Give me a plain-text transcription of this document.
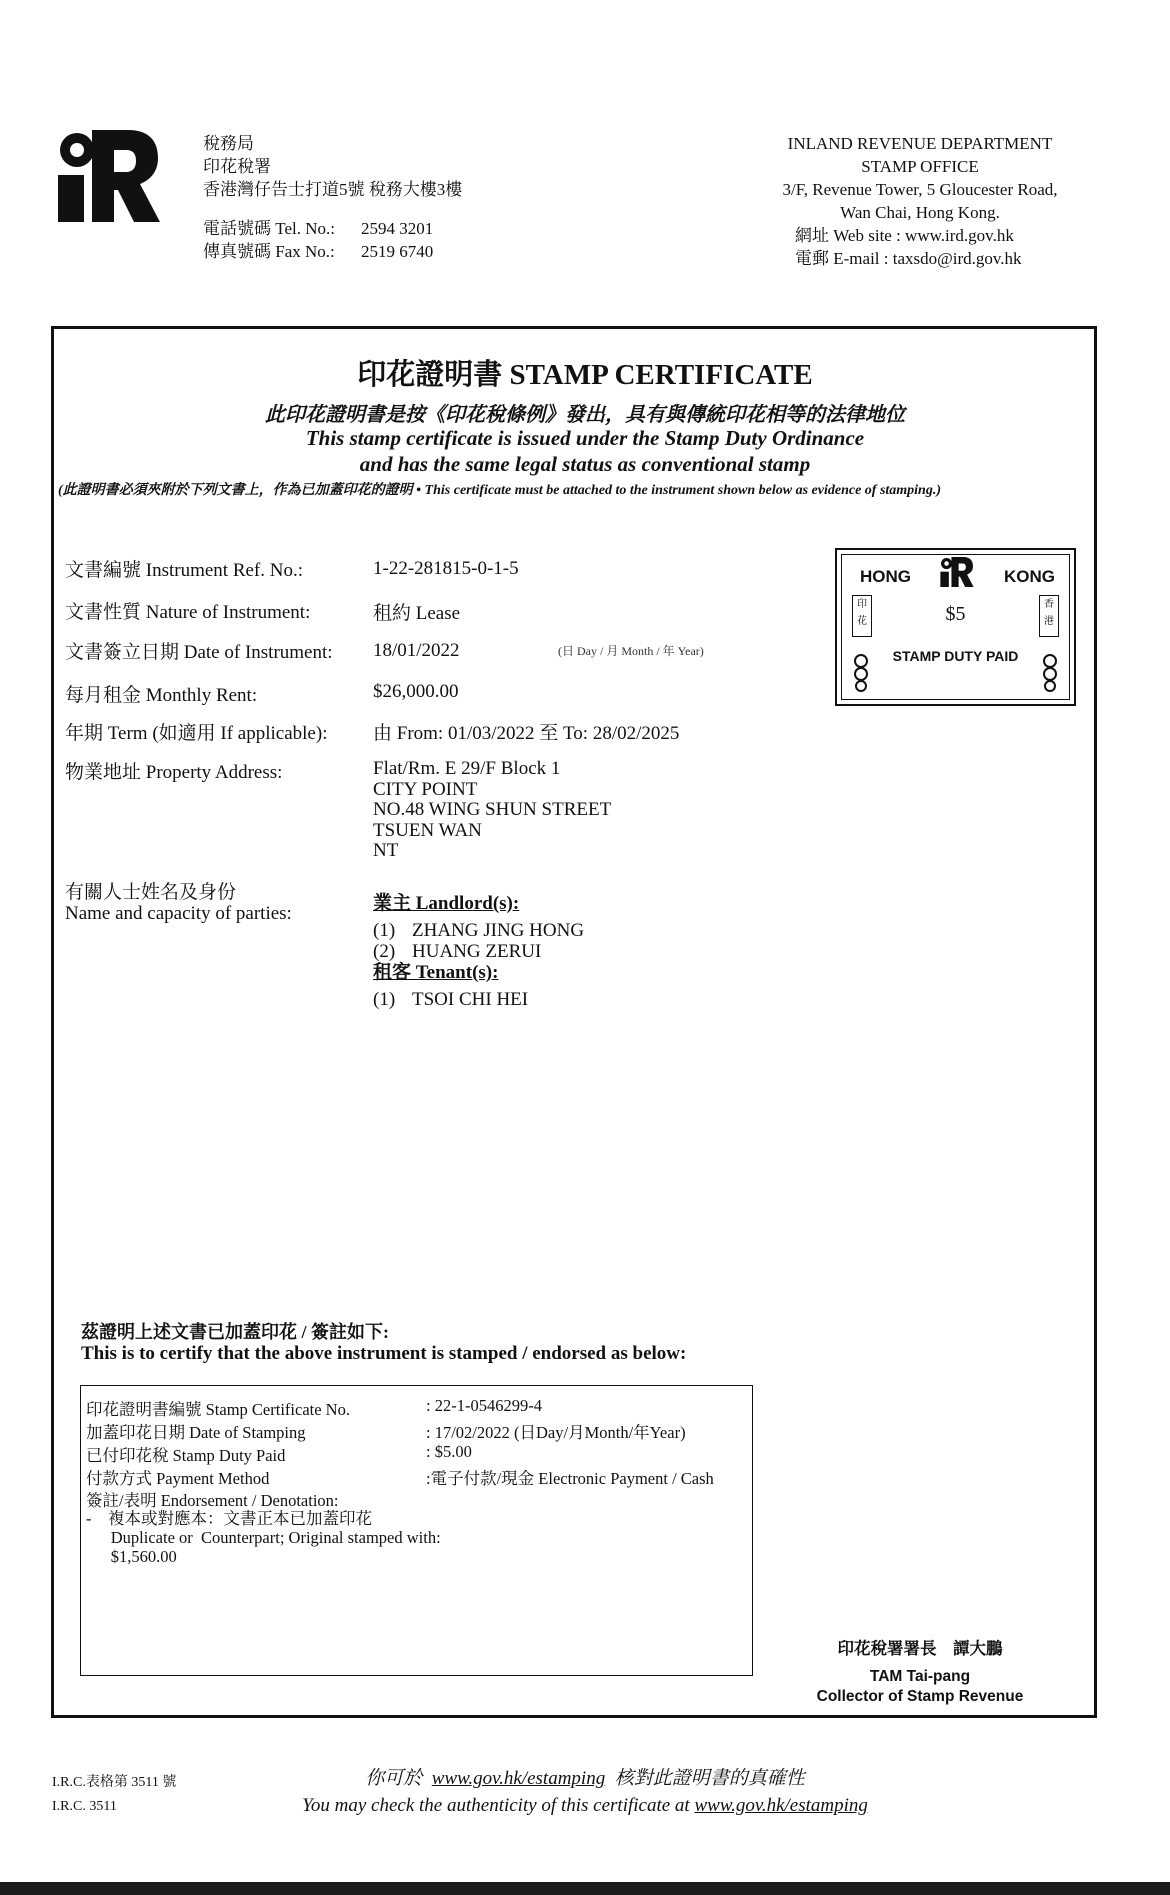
稅務局
印花稅署
香港灣仔告士打道5號 稅務大樓3樓
電話號碼 Tel. No.: 2594 3201
傳真號碼 Fax No.: 2519 6740
INLAND REVENUE DEPARTMENT
STAMP OFFICE
3/F, Revenue Tower, 5 Gloucester Road,
Wan Chai, Hong Kong.
網址 Web site : www.ird.gov.hk
電郵 E-mail : taxsdo@ird.gov.hk
印花證明書 STAMP CERTIFICATE
此印花證明書是按《印花稅條例》發出，具有與傳統印花相等的法律地位
This stamp certificate is issued under the Stamp Duty Ordinance
and has the same legal status as conventional stamp
(此證明書必須夾附於下列文書上，作為已加蓋印花的證明 • This certificate must be attached to the instrument shown below as evidence of stamping.)
文書編號 Instrument Ref. No.:	1-22-281815-0-1-5
文書性質 Nature of Instrument:	租約 Lease
文書簽立日期 Date of Instrument: 18/01/2022	(日 Day / 月 Month / 年 Year)
每月租金 Monthly Rent:	$26,000.00
年期 Term (如適用 If applicable): 由 From: 01/03/2022 至 To: 28/02/2025
物業地址 Property Address:	Flat/Rm. E 29/F Block 1
CITY POINT
NO.48 WING SHUN STREET
TSUEN WAN
NT
有關人士姓名及身份
Name and capacity of parties:	業主 Landlord(s):
(1) ZHANG JING HONG
(2) HUANG ZERUI
租客 Tenant(s):
(1) TSOI CHI HEI
HONG	KONG
印花
香港
$5
STAMP DUTY PAID
茲證明上述文書已加蓋印花 / 簽註如下:
This is to certify that the above instrument is stamped / endorsed as below:
印花證明書編號 Stamp Certificate No.	: 22-1-0546299-4
加蓋印花日期 Date of Stamping	: 17/02/2022 (日Day/月Month/年Year)
已付印花稅 Stamp Duty Paid	: $5.00
付款方式 Payment Method	:電子付款/現金 Electronic Payment / Cash
簽註/表明 Endorsement / Denotation:
-    複本或對應本：文書正本已加蓋印花
Duplicate or  Counterpart; Original stamped with:
$1,560.00
印花稅署署長    譚大鵬
TAM Tai-pang
Collector of Stamp Revenue
I.R.C.表格第 3511 號
I.R.C. 3511
你可於  www.gov.hk/estamping  核對此證明書的真確性
You may check the authenticity of this certificate at www.gov.hk/estamping
